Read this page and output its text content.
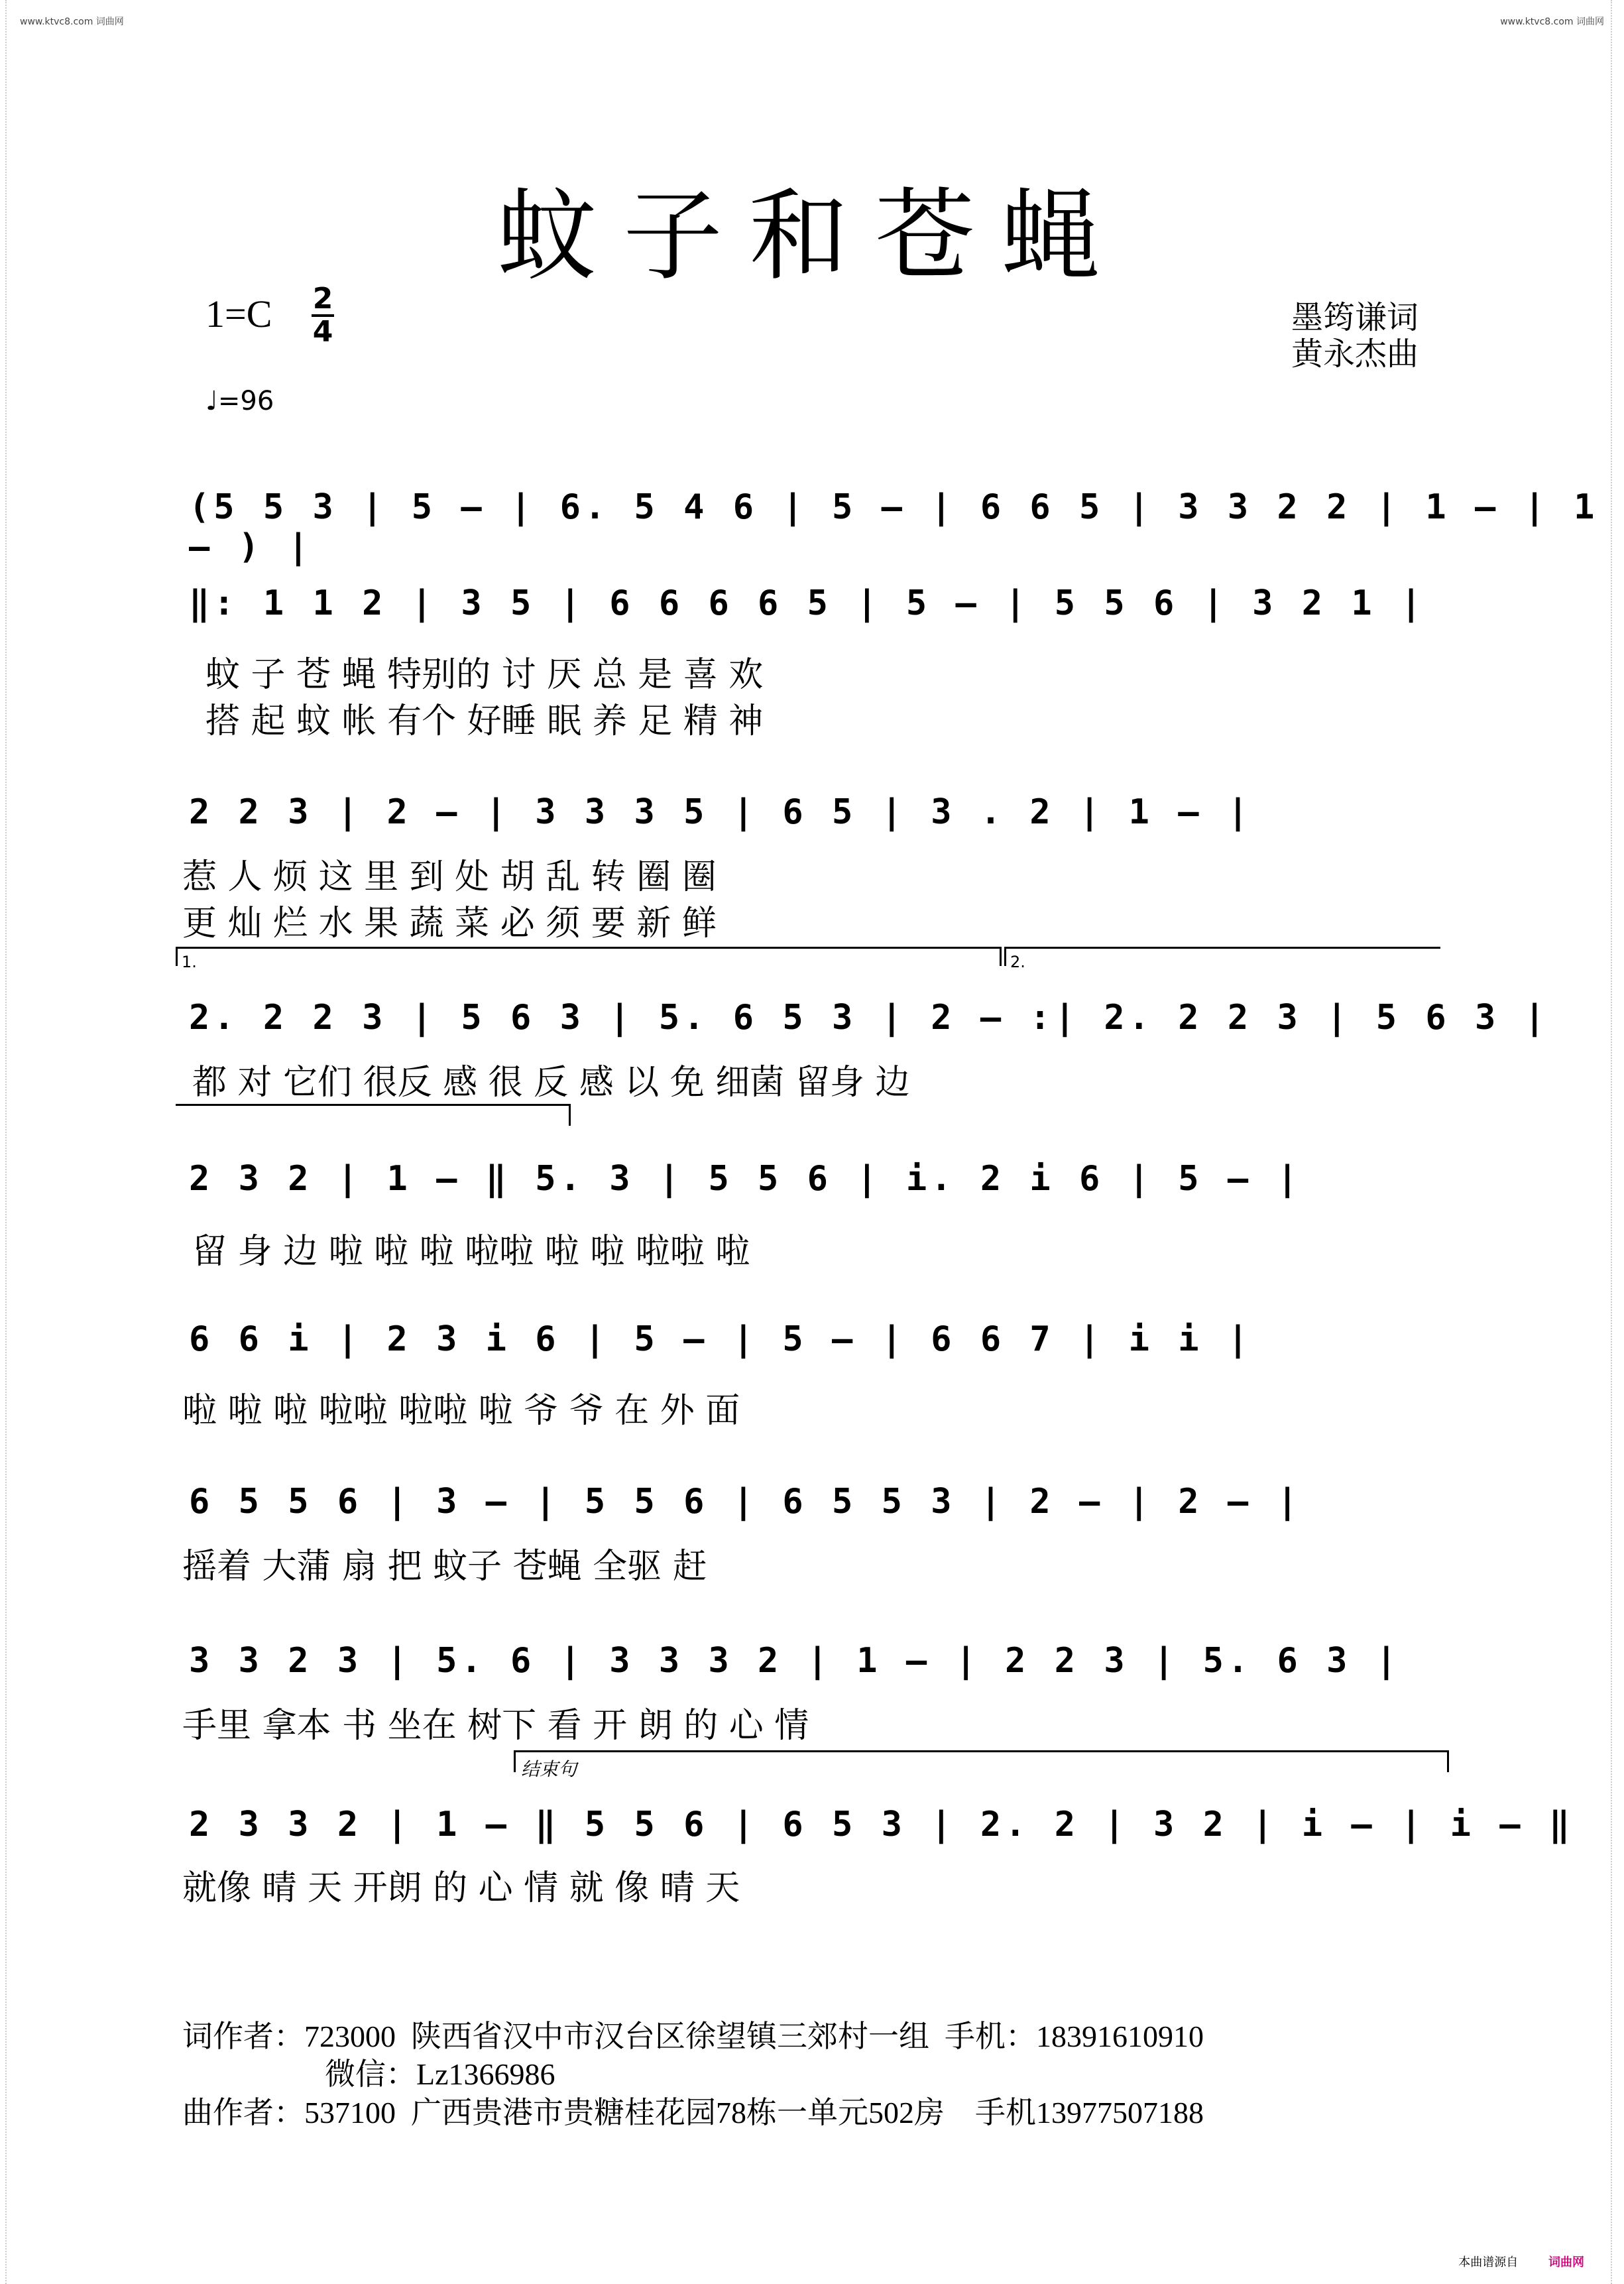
www.ktvc8.com 词曲网	www.ktvc8.com 词曲网
蚊子和苍蝇
1=C 2
4	墨筠谦词
黄永杰曲
♩=96
(5 5 3 | 5 – | 6. 5 4 6 | 5 – | 6 6 5 | 3 3 2 2 | 1 – | 1 – ) |
‖: 1 1 2 | 3 5 | 6 6 6 6 5 | 5 – | 5 5 6 | 3 2 1 |
蚊 子 苍 蝇 特别的 讨 厌 总 是 喜 欢
搭 起 蚊 帐 有个 好睡 眠 养 足 精 神
2 2 3 | 2 – | 3 3 3 5 | 6 5 | 3 . 2 | 1 – |
惹 人 烦 这 里 到 处 胡 乱 转 圈 圈
更 灿 烂 水 果 蔬 菜 必 须 要 新 鲜
1.	2.
2. 2 2 3 | 5 6 3 | 5. 6 5 3 | 2 – :| 2. 2 2 3 | 5 6 3 |
都 对 它们 很反 感 很 反 感 以 免 细菌 留身 边
2 3 2 | 1 – ‖ 5. 3 | 5 5 6 | i. 2 i 6 | 5 – |
留 身 边 啦 啦 啦 啦啦 啦 啦 啦啦 啦
6 6 i | 2 3 i 6 | 5 – | 5 – | 6 6 7 | i i |
啦 啦 啦 啦啦 啦啦 啦 爷 爷 在 外 面
6 5 5 6 | 3 – | 5 5 6 | 6 5 5 3 | 2 – | 2 – |
摇着 大蒲 扇 把 蚊子 苍蝇 全驱 赶
3 3 2 3 | 5. 6 | 3 3 3 2 | 1 – | 2 2 3 | 5. 6 3 |
手里 拿本 书 坐在 树下 看 开 朗 的 心 情
结束句
2 3 3 2 | 1 – ‖ 5 5 6 | 6 5 3 | 2. 2 | 3 2 | i – | i – ‖
就像 晴 天 开朗 的 心 情 就 像 晴 天
词作者：723000  陕西省汉中市汉台区徐望镇三郊村一组  手机：18391610910
微信：Lz1366986
曲作者：537100  广西贵港市贵糖桂花园78栋一单元502房    手机13977507188
本曲谱源自	词曲网
